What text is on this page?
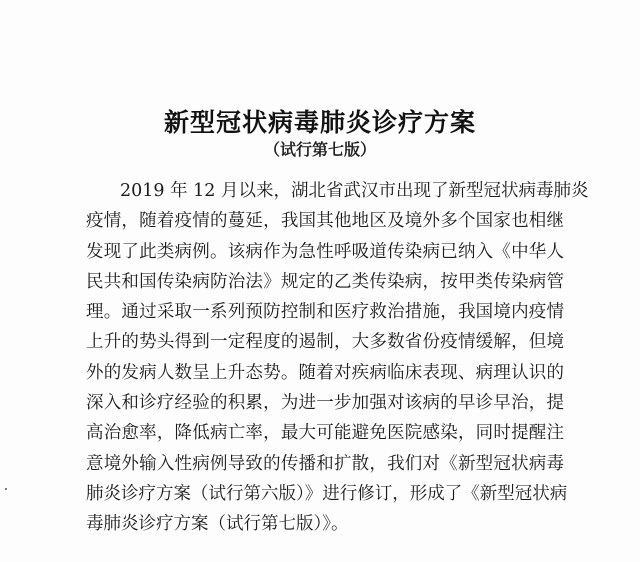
新型冠状病毒肺炎诊疗方案
（试行第七版）
2019 年 12 月以来，湖北省武汉市出现了新型冠状病毒肺炎
疫情，随着疫情的蔓延，我国其他地区及境外多个国家也相继
发现了此类病例。该病作为急性呼吸道传染病已纳入《中华人
民共和国传染病防治法》规定的乙类传染病，按甲类传染病管
理。通过采取一系列预防控制和医疗救治措施，我国境内疫情
上升的势头得到一定程度的遏制，大多数省份疫情缓解，但境
外的发病人数呈上升态势。随着对疾病临床表现、病理认识的
深入和诊疗经验的积累，为进一步加强对该病的早诊早治，提
高治愈率，降低病亡率，最大可能避免医院感染，同时提醒注
意境外输入性病例导致的传播和扩散，我们对《新型冠状病毒
肺炎诊疗方案（试行第六版）》进行修订，形成了《新型冠状病
毒肺炎诊疗方案（试行第七版）》。
